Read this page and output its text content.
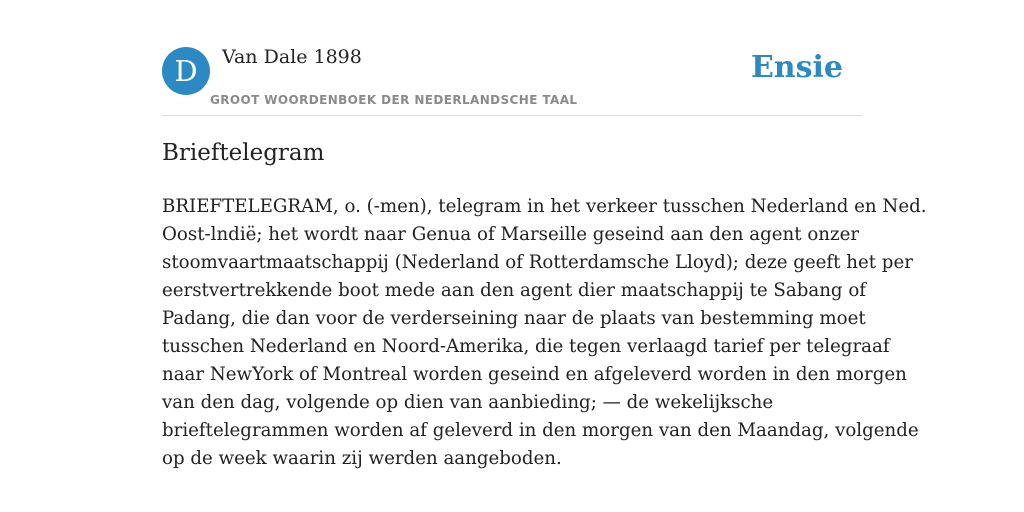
D	Van Dale 1898
GROOT WOORDENBOEK DER NEDERLANDSCHE TAAL
Ensie
Brieftelegram
BRIEFTELEGRAM, o. (-men), telegram in het verkeer tusschen Nederland en Ned.
Oost-lndië; het wordt naar Genua of Marseille geseind aan den agent onzer
stoomvaartmaatschappij (Nederland of Rotterdamsche Lloyd); deze geeft het per
eerstvertrekkende boot mede aan den agent dier maatschappij te Sabang of
Padang, die dan voor de verderseining naar de plaats van bestemming moet
tusschen Nederland en Noord-Amerika, die tegen verlaagd tarief per telegraaf
naar NewYork of Montreal worden geseind en afgeleverd worden in den morgen
van den dag, volgende op dien van aanbieding; — de wekelijksche
brieftelegrammen worden af geleverd in den morgen van den Maandag, volgende
op de week waarin zij werden aangeboden.
